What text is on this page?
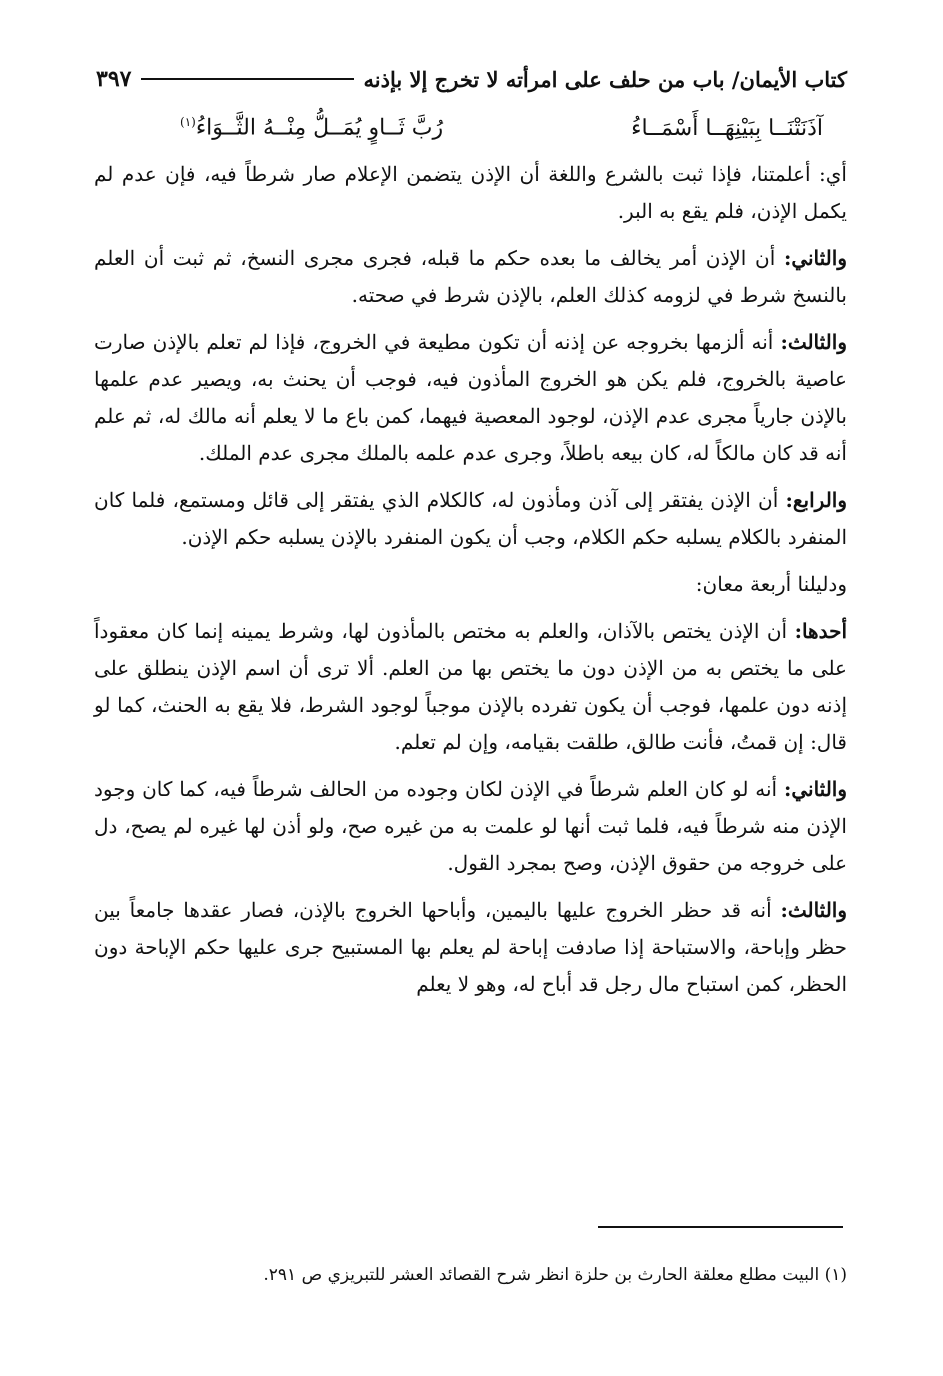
كتاب الأيمان/ باب من حلف على امرأته لا تخرج إلا بإذنه
٣٩٧
آذَنَتْنَــا بِبَيْنِهَــا أَسْمَــاءُ
رُبَّ ثَــاوٍ يُمَــلُّ مِنْــهُ الثَّــوَاءُ$^{(١)}$

أي: أعلمتنا، فإذا ثبت بالشرع واللغة أن الإذن يتضمن الإعلام صار شرطاً فيه، فإن عدم لم يكمل الإذن، فلم يقع به البر.

والثاني: أن الإذن أمر يخالف ما بعده حكم ما قبله، فجرى مجرى النسخ، ثم ثبت أن العلم بالنسخ شرط في لزومه كذلك العلم، بالإذن شرط في صحته.

والثالث: أنه ألزمها بخروجه عن إذنه أن تكون مطيعة في الخروج، فإذا لم تعلم بالإذن صارت عاصية بالخروج، فلم يكن هو الخروج المأذون فيه، فوجب أن يحنث به، ويصير عدم علمها بالإذن جارياً مجرى عدم الإذن، لوجود المعصية فيهما، كمن باع ما لا يعلم أنه مالك له، ثم علم أنه قد كان مالكاً له، كان بيعه باطلاً، وجرى عدم علمه بالملك مجرى عدم الملك.

والرابع: أن الإذن يفتقر إلى آذن ومأذون له، كالكلام الذي يفتقر إلى قائل ومستمع، فلما كان المنفرد بالكلام يسلبه حكم الكلام، وجب أن يكون المنفرد بالإذن يسلبه حكم الإذن.

ودليلنا أربعة معان:

أحدها: أن الإذن يختص بالآذان، والعلم به مختص بالمأذون لها، وشرط يمينه إنما كان معقوداً على ما يختص به من الإذن دون ما يختص بها من العلم. ألا ترى أن اسم الإذن ينطلق على إذنه دون علمها، فوجب أن يكون تفرده بالإذن موجباً لوجود الشرط، فلا يقع به الحنث، كما لو قال: إن قمتُ، فأنت طالق، طلقت بقيامه، وإن لم تعلم.

والثاني: أنه لو كان العلم شرطاً في الإذن لكان وجوده من الحالف شرطاً فيه، كما كان وجود الإذن منه شرطاً فيه، فلما ثبت أنها لو علمت به من غيره صح، ولو أذن لها غيره لم يصح، دل على خروجه من حقوق الإذن، وصح بمجرد القول.

والثالث: أنه قد حظر الخروج عليها باليمين، وأباحها الخروج بالإذن، فصار عقدها جامعاً بين حظر وإباحة، والاستباحة إذا صادفت إباحة لم يعلم بها المستبيح جرى عليها حكم الإباحة دون الحظر، كمن استباح مال رجل قد أباح له، وهو لا يعلم

(١) البيت مطلع معلقة الحارث بن حلزة انظر شرح القصائد العشر للتبريزي ص ٢٩١.
